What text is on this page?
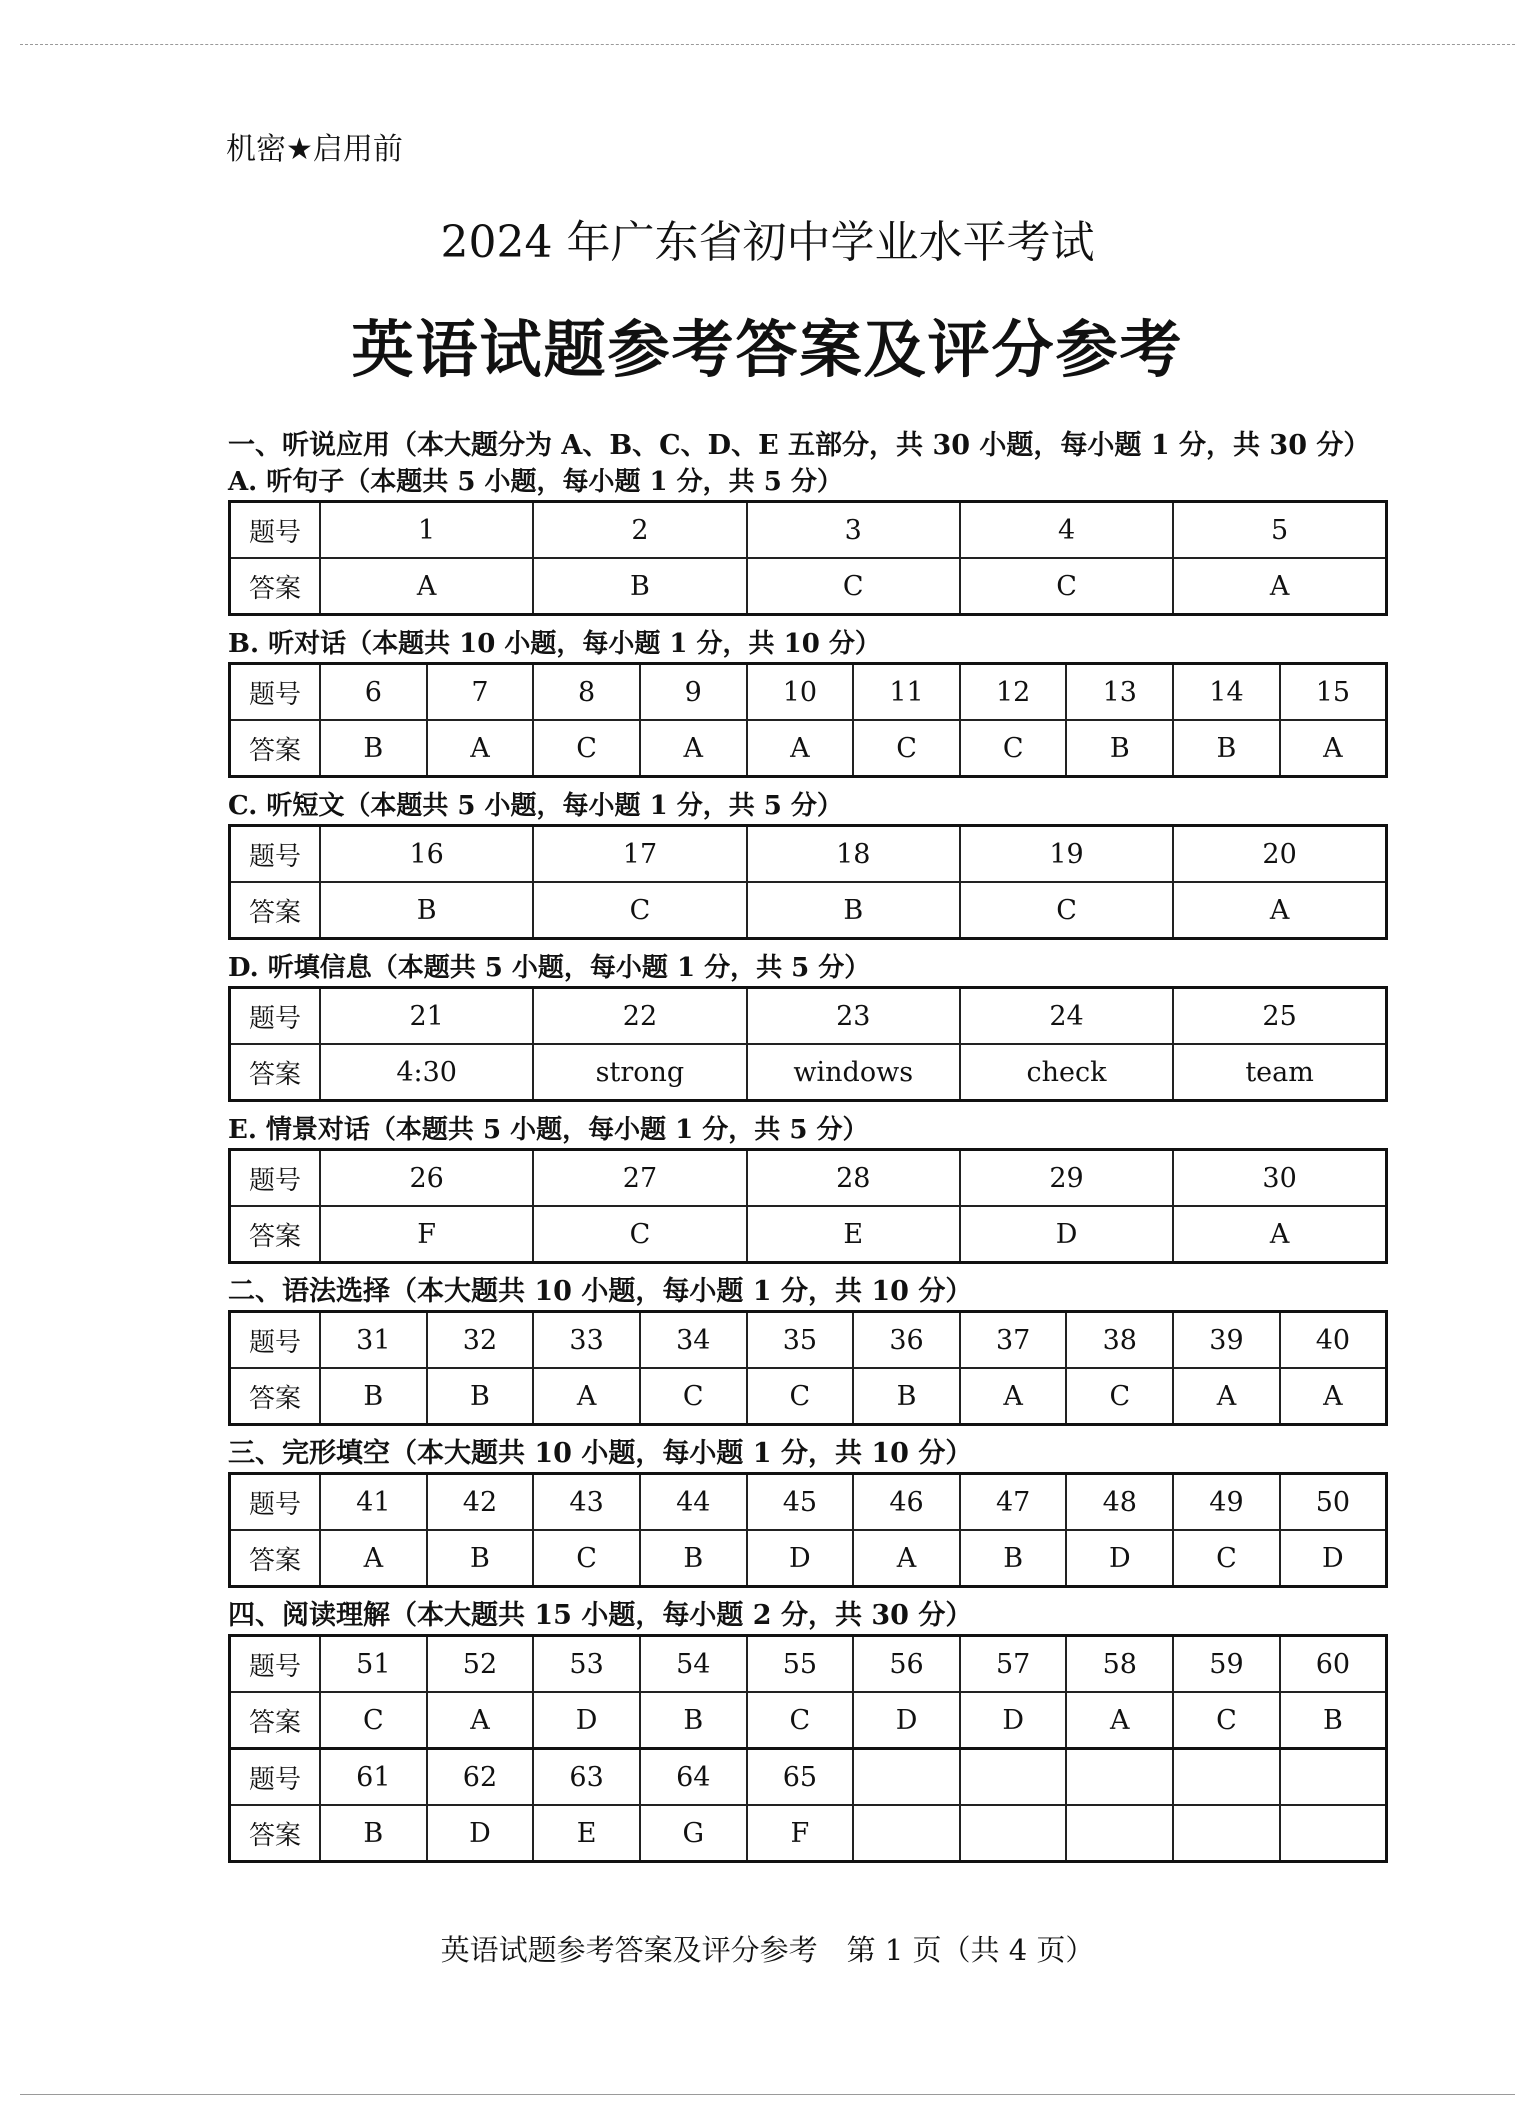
机密★启用前
2024 年广东省初中学业水平考试
英语试题参考答案及评分参考
一、听说应用（本大题分为 A、B、C、D、E 五部分，共 30 小题，每小题 1 分，共 30 分）
A. 听句子（本题共 5 小题，每小题 1 分，共 5 分）
题号	1	2	3	4	5
答案	A	B	C	C	A
B. 听对话（本题共 10 小题，每小题 1 分，共 10 分）
题号	6	7	8	9	10	11	12	13	14	15
答案	B	A	C	A	A	C	C	B	B	A
C. 听短文（本题共 5 小题，每小题 1 分，共 5 分）
题号	16	17	18	19	20
答案	B	C	B	C	A
D. 听填信息（本题共 5 小题，每小题 1 分，共 5 分）
题号	21	22	23	24	25
答案	4:30	strong	windows	check	team
E. 情景对话（本题共 5 小题，每小题 1 分，共 5 分）
题号	26	27	28	29	30
答案	F	C	E	D	A
二、语法选择（本大题共 10 小题，每小题 1 分，共 10 分）
题号	31	32	33	34	35	36	37	38	39	40
答案	B	B	A	C	C	B	A	C	A	A
三、完形填空（本大题共 10 小题，每小题 1 分，共 10 分）
题号	41	42	43	44	45	46	47	48	49	50
答案	A	B	C	B	D	A	B	D	C	D
四、阅读理解（本大题共 15 小题，每小题 2 分，共 30 分）
题号	51	52	53	54	55	56	57	58	59	60
答案	C	A	D	B	C	D	D	A	C	B
题号	61	62	63	64	65					
答案	B	D	E	G	F					
英语试题参考答案及评分参考　第 1 页（共 4 页）
